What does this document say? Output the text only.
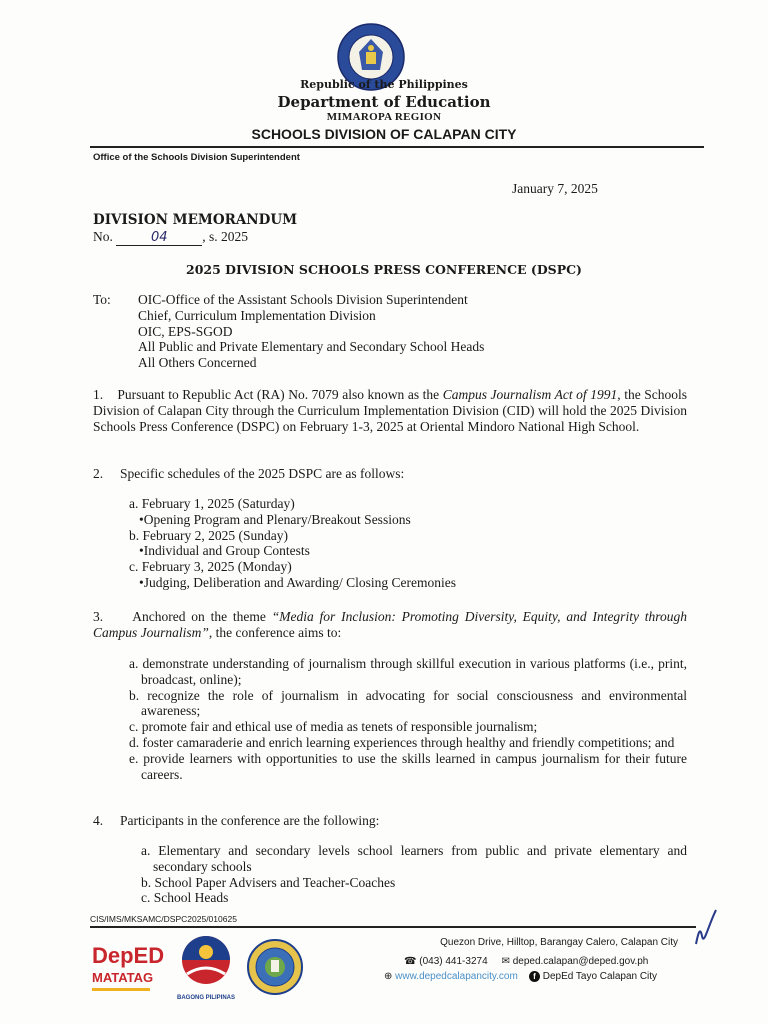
Republic of the Philippines
Department of Education
MIMAROPA REGION
SCHOOLS DIVISION OF CALAPAN CITY
Office of the Schools Division Superintendent
January 7, 2025
DIVISION MEMORANDUM
No.	04	, s. 2025
2025 DIVISION SCHOOLS PRESS CONFERENCE (DSPC)
To: OIC-Office of the Assistant Schools Division Superintendent
Chief, Curriculum Implementation Division
OIC, EPS-SGOD
All Public and Private Elementary and Secondary School Heads
All Others Concerned
1. Pursuant to Republic Act (RA) No. 7079 also known as the Campus Journalism Act of 1991, the Schools Division of Calapan City through the Curriculum Implementation Division (CID) will hold the 2025 Division Schools Press Conference (DSPC) on February 1-3, 2025 at Oriental Mindoro National High School.
2. Specific schedules of the 2025 DSPC are as follows:
a. February 1, 2025 (Saturday)
•Opening Program and Plenary/Breakout Sessions
b. February 2, 2025 (Sunday)
•Individual and Group Contests
c. February 3, 2025 (Monday)
•Judging, Deliberation and Awarding/ Closing Ceremonies
3. Anchored on the theme “Media for Inclusion: Promoting Diversity, Equity, and Integrity through Campus Journalism”, the conference aims to:
a. demonstrate understanding of journalism through skillful execution in various platforms (i.e., print, broadcast, online);
b. recognize the role of journalism in advocating for social consciousness and environmental awareness;
c. promote fair and ethical use of media as tenets of responsible journalism;
d. foster camaraderie and enrich learning experiences through healthy and friendly competitions; and
e. provide learners with opportunities to use the skills learned in campus journalism for their future careers.
4. Participants in the conference are the following:
a. Elementary and secondary levels school learners from public and private elementary and secondary schools
b. School Paper Advisers and Teacher-Coaches
c. School Heads
CIS/IMS/MKSAMC/DSPC2025/010625
DepED
MATATAG
BAGONG PILIPINAS
Quezon Drive, Hilltop, Barangay Calero, Calapan City
☎ (043) 441-3274 ✉ deped.calapan@deped.gov.ph
⊕ www.depedcalapancity.com f DepEd Tayo Calapan City
